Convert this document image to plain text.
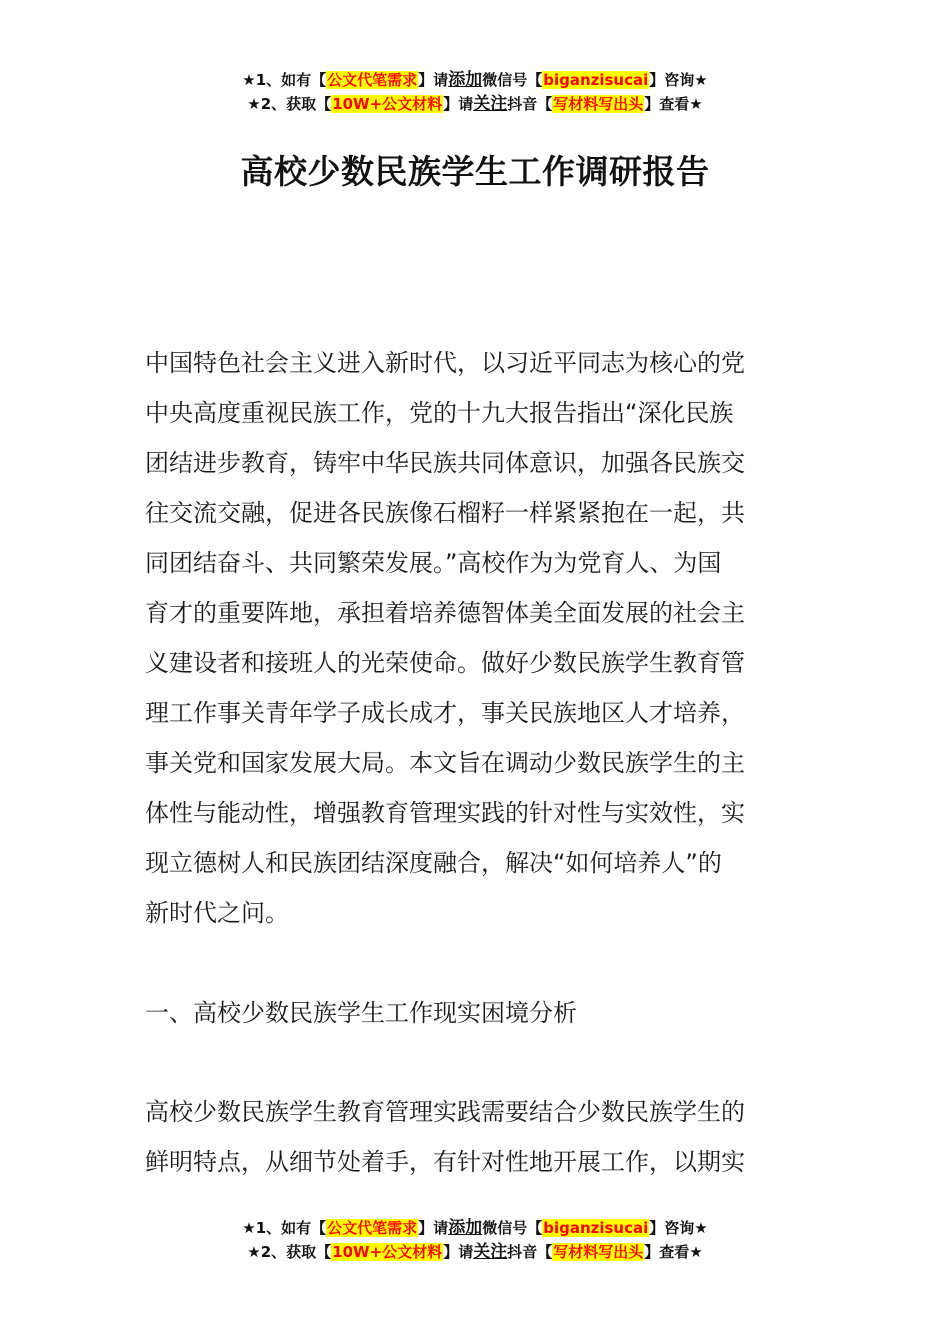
★1、如有【公文代笔需求】请添加微信号【biganzisucai】咨询★
★2、获取【10W+公文材料】请关注抖音【写材料写出头】查看★
高校少数民族学生工作调研报告
中国特色社会主义进入新时代，以习近平同志为核心的党
中央高度重视民族工作，党的十九大报告指出“深化民族
团结进步教育，铸牢中华民族共同体意识，加强各民族交
往交流交融，促进各民族像石榴籽一样紧紧抱在一起，共
同团结奋斗、共同繁荣发展。”高校作为为党育人、为国
育才的重要阵地，承担着培养德智体美全面发展的社会主
义建设者和接班人的光荣使命。做好少数民族学生教育管
理工作事关青年学子成长成才，事关民族地区人才培养，
事关党和国家发展大局。本文旨在调动少数民族学生的主
体性与能动性，增强教育管理实践的针对性与实效性，实
现立德树人和民族团结深度融合，解决“如何培养人”的
新时代之问。
一、高校少数民族学生工作现实困境分析
高校少数民族学生教育管理实践需要结合少数民族学生的
鲜明特点，从细节处着手，有针对性地开展工作，以期实
★1、如有【公文代笔需求】请添加微信号【biganzisucai】咨询★
★2、获取【10W+公文材料】请关注抖音【写材料写出头】查看★
